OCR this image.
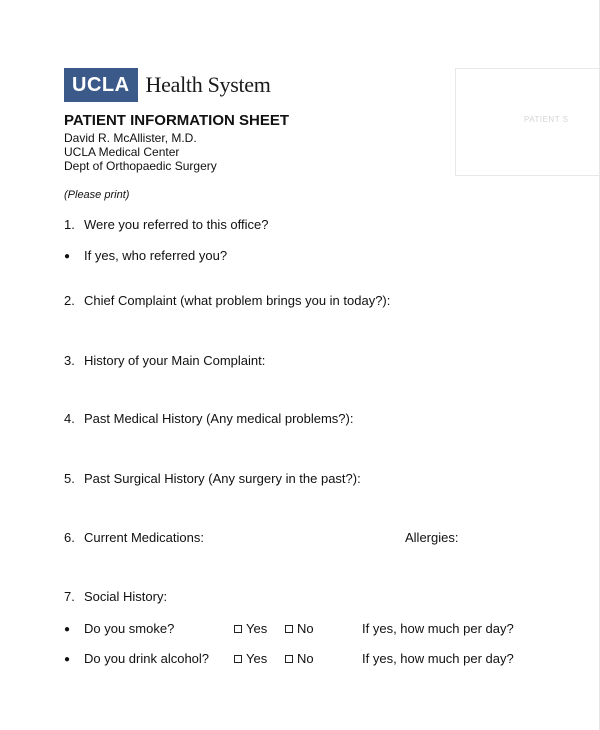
UCLA Health System
PATIENT S
PATIENT INFORMATION SHEET
David R. McAllister, M.D.
UCLA Medical Center
Dept of Orthopaedic Surgery
(Please print)
1. Were you referred to this office?
● If yes, who referred you?
2. Chief Complaint (what problem brings you in today?):
3. History of your Main Complaint:
4. Past Medical History (Any medical problems?):
5. Past Surgical History (Any surgery in the past?):
6. Current Medications:	Allergies:
7. Social History:
● Do you smoke?	Yes	No	If yes, how much per day?
● Do you drink alcohol?	Yes	No	If yes, how much per day?
